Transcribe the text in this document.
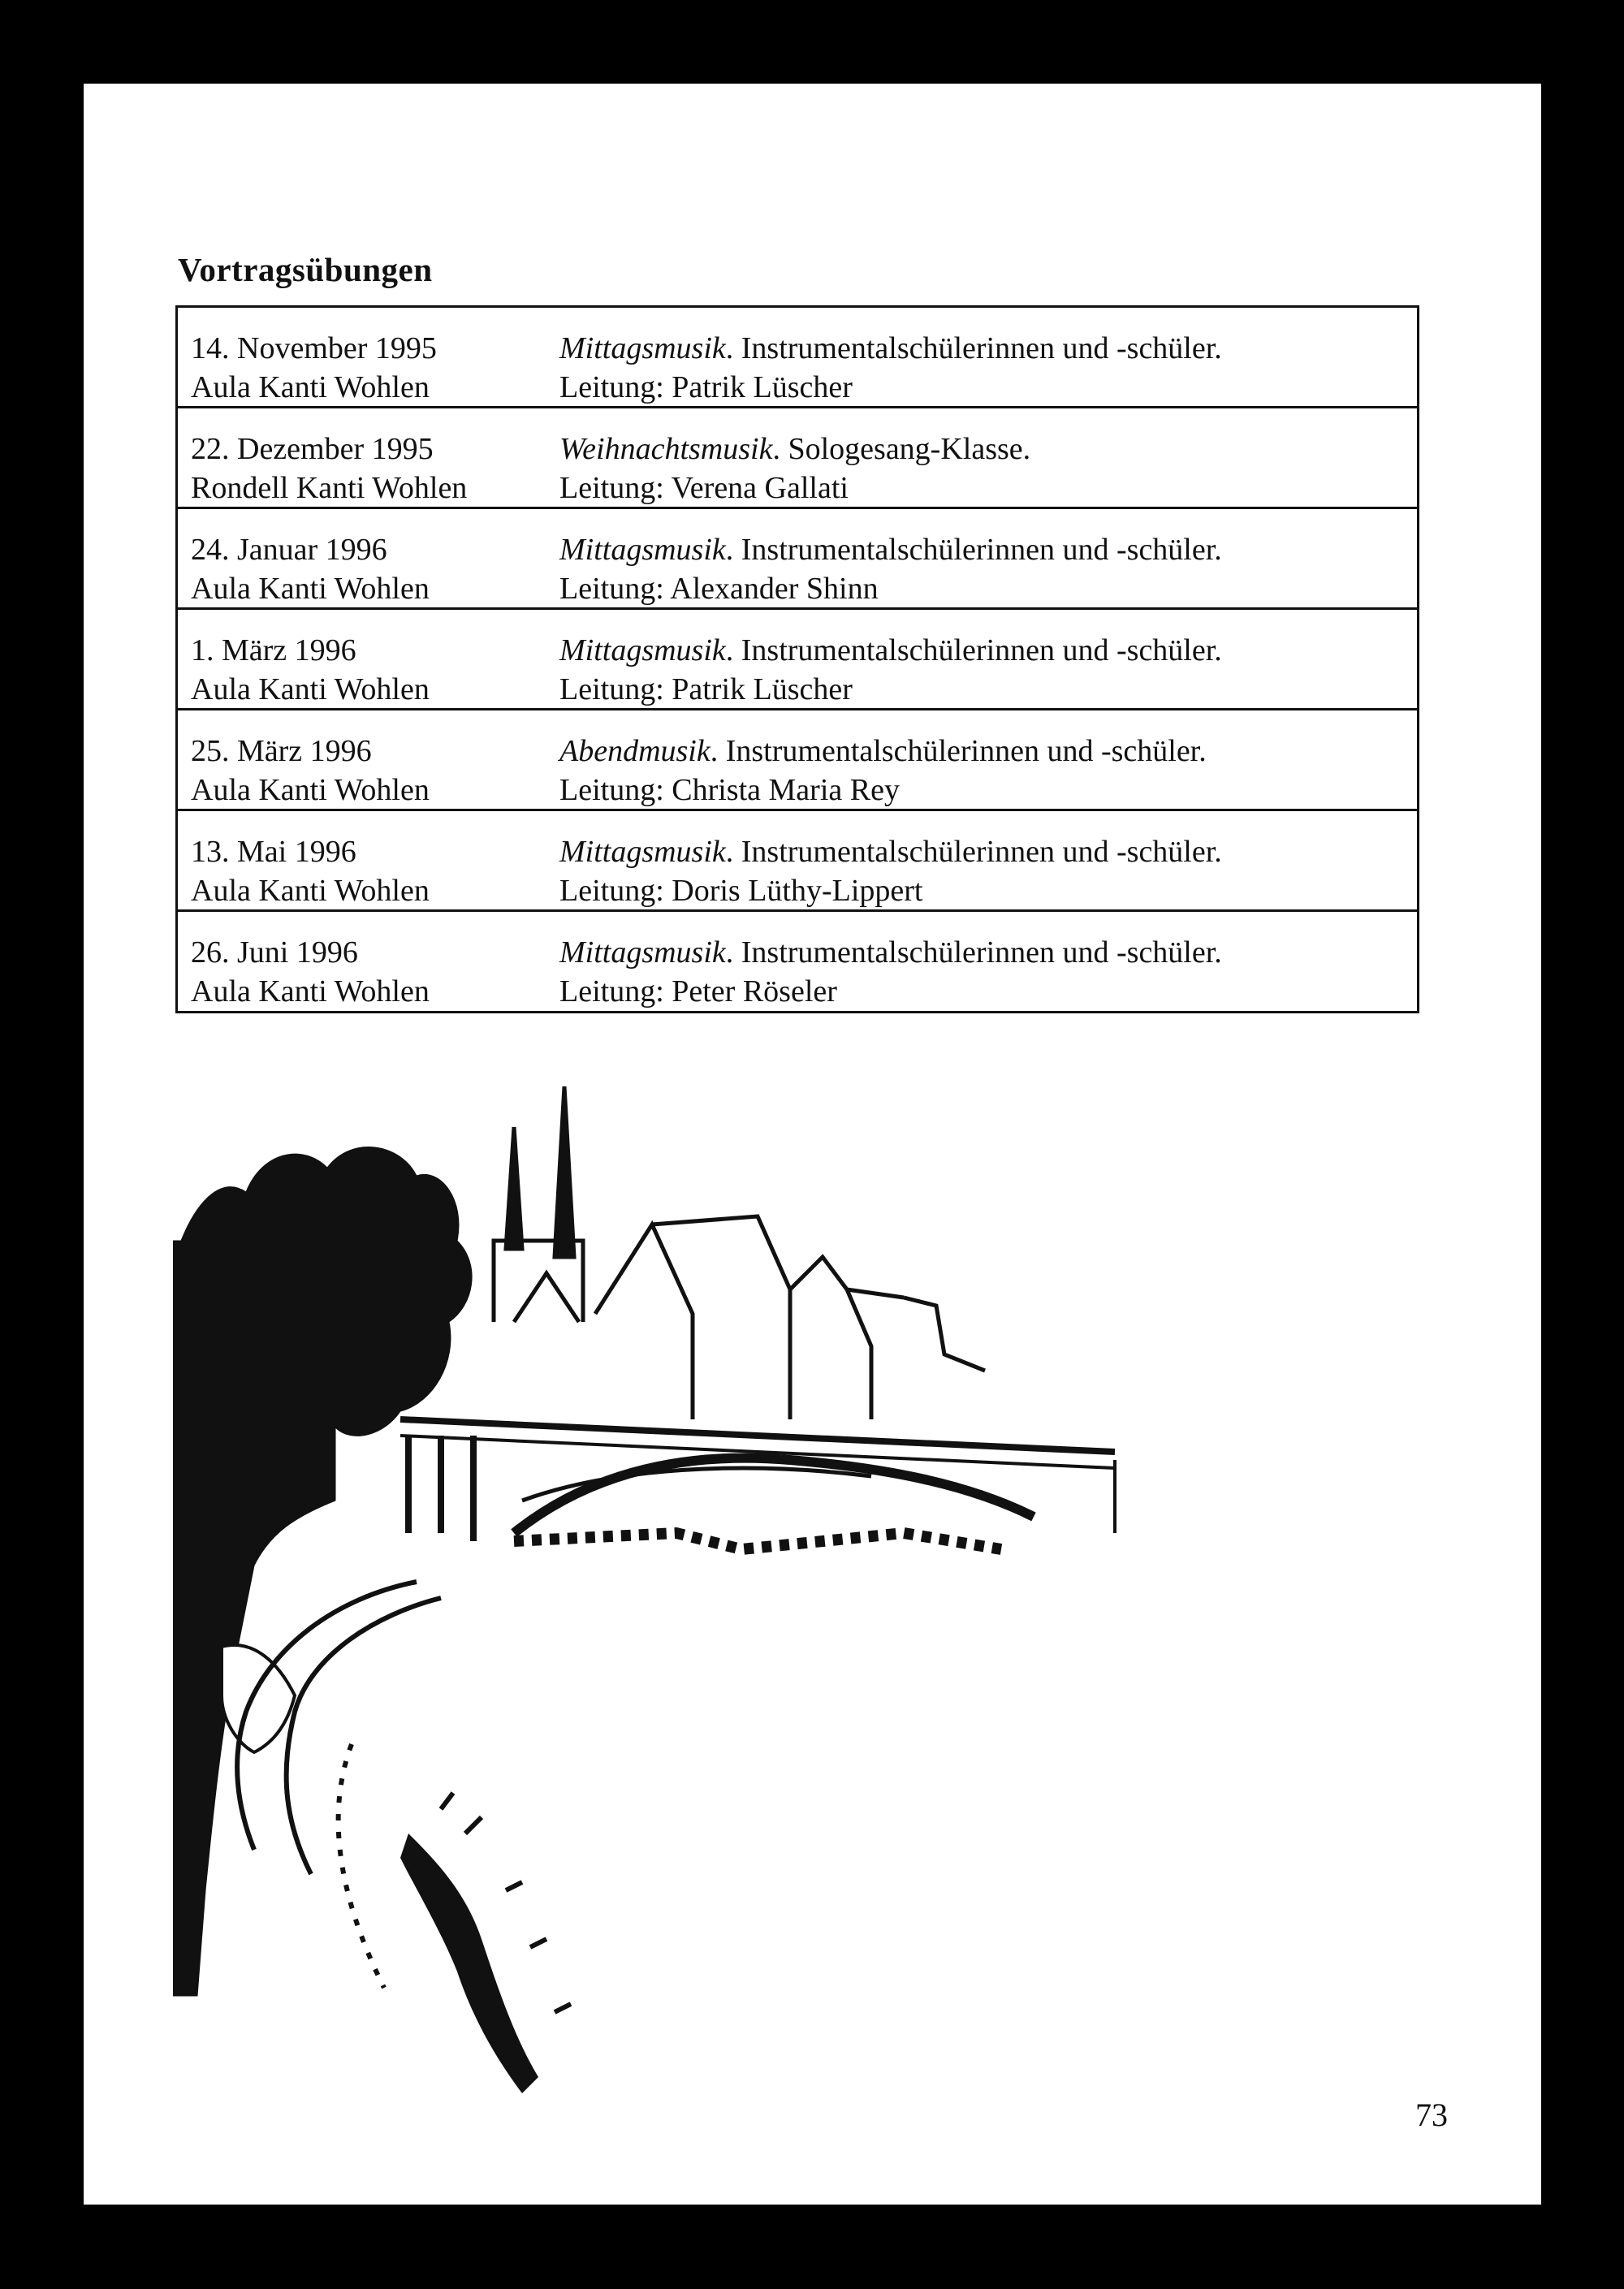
Vortragsübungen
14. November 1995
Aula Kanti Wohlen
Mittagsmusik. Instrumentalschülerinnen und -schüler.
Leitung: Patrik Lüscher
22. Dezember 1995
Rondell Kanti Wohlen
Weihnachtsmusik. Sologesang-Klasse.
Leitung: Verena Gallati
24. Januar 1996
Aula Kanti Wohlen
Mittagsmusik. Instrumentalschülerinnen und -schüler.
Leitung: Alexander Shinn
1. März 1996
Aula Kanti Wohlen
Mittagsmusik. Instrumentalschülerinnen und -schüler.
Leitung: Patrik Lüscher
25. März 1996
Aula Kanti Wohlen
Abendmusik. Instrumentalschülerinnen und -schüler.
Leitung: Christa Maria Rey
13. Mai 1996
Aula Kanti Wohlen
Mittagsmusik. Instrumentalschülerinnen und -schüler.
Leitung: Doris Lüthy-Lippert
26. Juni 1996
Aula Kanti Wohlen
Mittagsmusik. Instrumentalschülerinnen und -schüler.
Leitung: Peter Röseler
73
